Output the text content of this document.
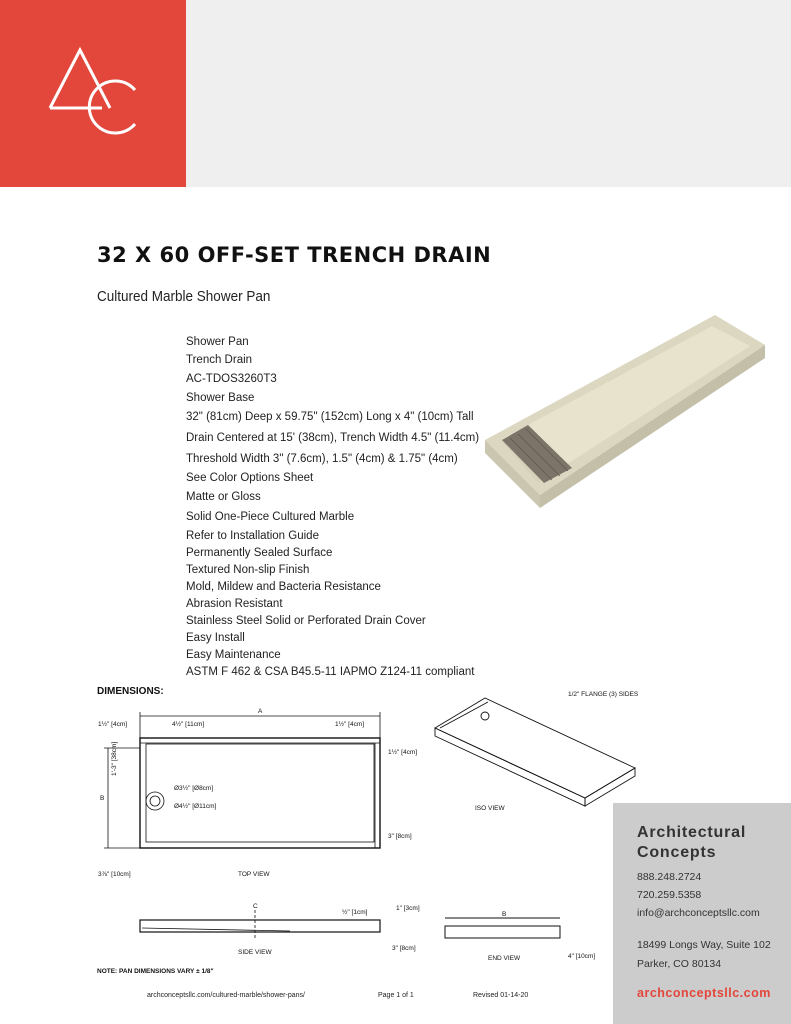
32 X 60 OFF-SET TRENCH DRAIN
Cultured Marble Shower Pan
Shower Pan
Trench Drain
AC-TDOS3260T3
Shower Base
32" (81cm) Deep x 59.75" (152cm) Long x 4" (10cm) Tall
Drain Centered at 15' (38cm), Trench Width 4.5" (11.4cm)
Threshold Width 3" (7.6cm), 1.5" (4cm) & 1.75" (4cm)
See Color Options Sheet
Matte or Gloss
Solid One-Piece Cultured Marble
Refer to Installation Guide
Permanently Sealed Surface
Textured Non-slip Finish
Mold, Mildew and Bacteria Resistance
Abrasion Resistant
Stainless Steel Solid or Perforated Drain Cover
Easy Install
Easy Maintenance
ASTM F 462 & CSA B45.5-11 IAPMO Z124-11 compliant
DIMENSIONS:
A
1½" [4cm]	4½" [11cm]	1½" [4cm]
1½" [4cm]
1'-3" [38cm]
B
Ø3½" [Ø8cm]
Ø4½" [Ø11cm]
3" [8cm]
3⅞" [10cm]	TOP VIEW
1/2" FLANGE (3) SIDES
ISO VIEW
C
½" [1cm]
1" [3cm]
3" [8cm]
SIDE VIEW
B
4" [10cm]
END VIEW
NOTE: PAN DIMENSIONS VARY ± 1/8"
archconceptsllc.com/cultured-marble/shower-pans/	Page 1 of 1	Revised 01-14-20
Architectural
Concepts
888.248.2724
720.259.5358
info@archconceptsllc.com
18499 Longs Way, Suite 102
Parker, CO 80134
archconceptsllc.com
